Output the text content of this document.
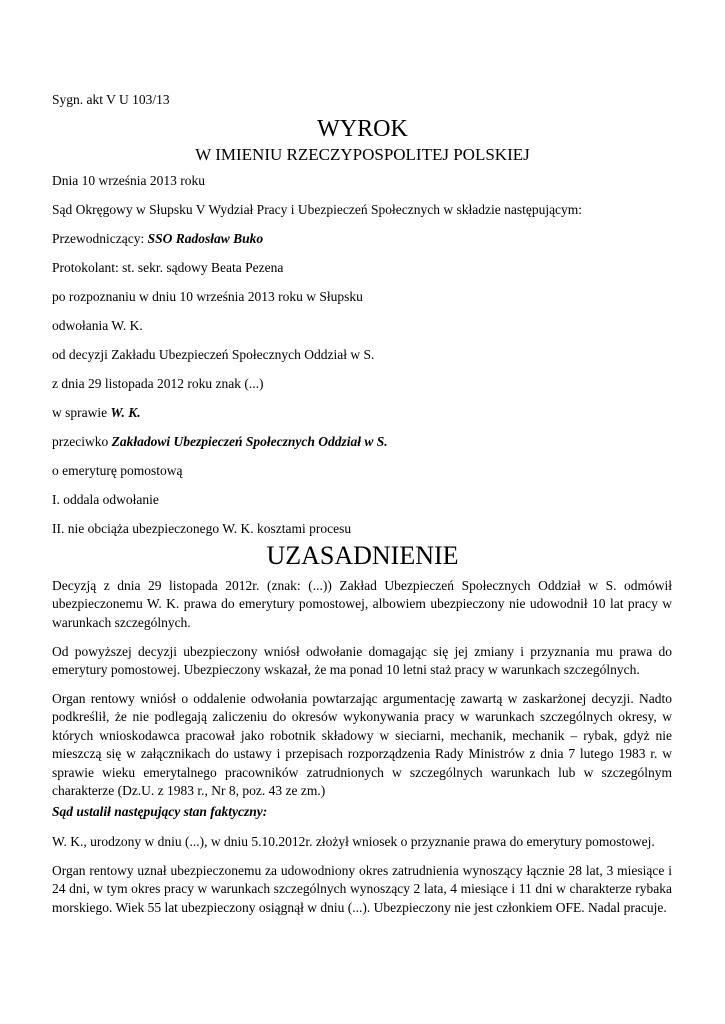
Sygn. akt V U 103/13

WYROK
W IMIENIU RZECZYPOSPOLITEJ POLSKIEJ

Dnia 10 września 2013 roku

Sąd Okręgowy w Słupsku V Wydział Pracy i Ubezpieczeń Społecznych w składzie następującym:

Przewodniczący: SSO Radosław Buko

Protokolant: st. sekr. sądowy Beata Pezena

po rozpoznaniu w dniu 10 września 2013 roku w Słupsku

odwołania W. K.

od decyzji Zakładu Ubezpieczeń Społecznych Oddział w S.

z dnia 29 listopada 2012 roku znak (...)

w sprawie W. K.

przeciwko Zakładowi Ubezpieczeń Społecznych Oddział w S.

o emeryturę pomostową

I. oddala odwołanie

II. nie obciąża ubezpieczonego W. K. kosztami procesu

UZASADNIENIE

Decyzją z dnia 29 listopada 2012r. (znak: (...)) Zakład Ubezpieczeń Społecznych Oddział w S. odmówił ubezpieczonemu W. K. prawa do emerytury pomostowej, albowiem ubezpieczony nie udowodnił 10 lat pracy w warunkach szczególnych.

Od powyższej decyzji ubezpieczony wniósł odwołanie domagając się jej zmiany i przyznania mu prawa do emerytury pomostowej. Ubezpieczony wskazał, że ma ponad 10 letni staż pracy w warunkach szczególnych.

Organ rentowy wniósł o oddalenie odwołania powtarzając argumentację zawartą w zaskarżonej decyzji. Nadto podkreślił, że nie podlegają zaliczeniu do okresów wykonywania pracy w warunkach szczególnych okresy, w których wnioskodawca pracował jako robotnik składowy w sieciarni, mechanik, mechanik – rybak, gdyż nie mieszczą się w załącznikach do ustawy i przepisach rozporządzenia Rady Ministrów z dnia 7 lutego 1983 r. w sprawie wieku emerytalnego pracowników zatrudnionych w szczególnych warunkach lub w szczególnym charakterze (Dz.U. z 1983 r., Nr 8, poz. 43 ze zm.)

Sąd ustalił następujący stan faktyczny:

W. K., urodzony w dniu (...), w dniu 5.10.2012r. złożył wniosek o przyznanie prawa do emerytury pomostowej.

Organ rentowy uznał ubezpieczonemu za udowodniony okres zatrudnienia wynoszący łącznie 28 lat, 3 miesiące i 24 dni, w tym okres pracy w warunkach szczególnych wynoszący 2 lata, 4 miesiące i 11 dni w charakterze rybaka morskiego. Wiek 55 lat ubezpieczony osiągnął w dniu (...). Ubezpieczony nie jest członkiem OFE. Nadal pracuje.
